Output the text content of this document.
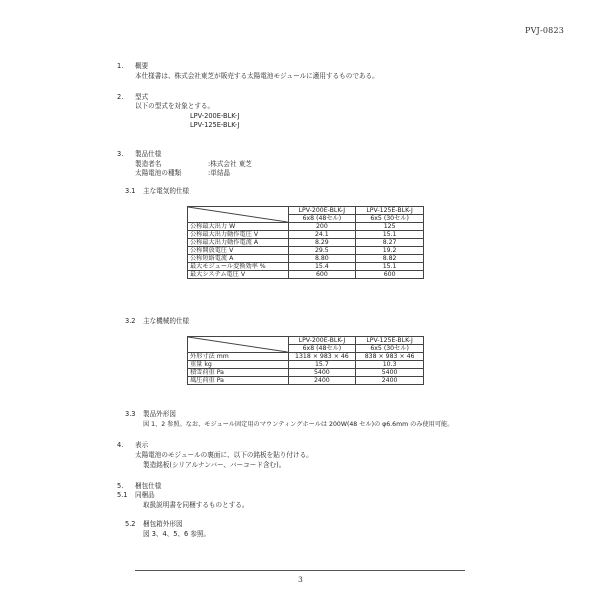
PVJ-0823
1. 概要
本仕様書は、株式会社東芝が販売する太陽電池モジュールに適用するものである。
2. 型式
以下の型式を対象とする。
LPV-200E-BLK-J
LPV-125E-BLK-J
3. 製品仕様
製造者名	:株式会社 東芝
太陽電池の種類	:単結晶
3.1 主な電気的仕様
	LPV-200E-BLK-J	LPV-125E-BLK-J
	6x8 (48セル)	6x5 (30セル)
公称最大出力 W	200	125
公称最大出力動作電圧 V	24.1	15.1
公称最大出力動作電流 A	8.29	8.27
公称開放電圧 V	29.5	19.2
公称短絡電流 A	8.80	8.82
最大モジュール変換効率 %	15.4	15.1
最大システム電圧 V	600	600
3.2 主な機械的仕様
	LPV-200E-BLK-J	LPV-125E-BLK-J
	6x8 (48セル)	6x5 (30セル)
外形寸法 mm	1318 × 983 × 46	838 × 983 × 46
重量 kg	15.7	10.3
積雪荷重 Pa	5400	5400
風圧荷重 Pa	2400	2400
3.3 製品外形図
図 1、2 参照。なお、モジュール固定用のマウンティングホールは 200W(48 セル)の φ6.6mm のみ使用可能。
4. 表示
太陽電池のモジュールの裏面に、以下の銘板を貼り付ける。
製造銘板(シリアルナンバー、バーコード含む)。
5. 梱包仕様
5.1 同梱品
取扱説明書を同梱するものとする。
5.2 梱包箱外形図
図 3、4、5、6 参照。
3
